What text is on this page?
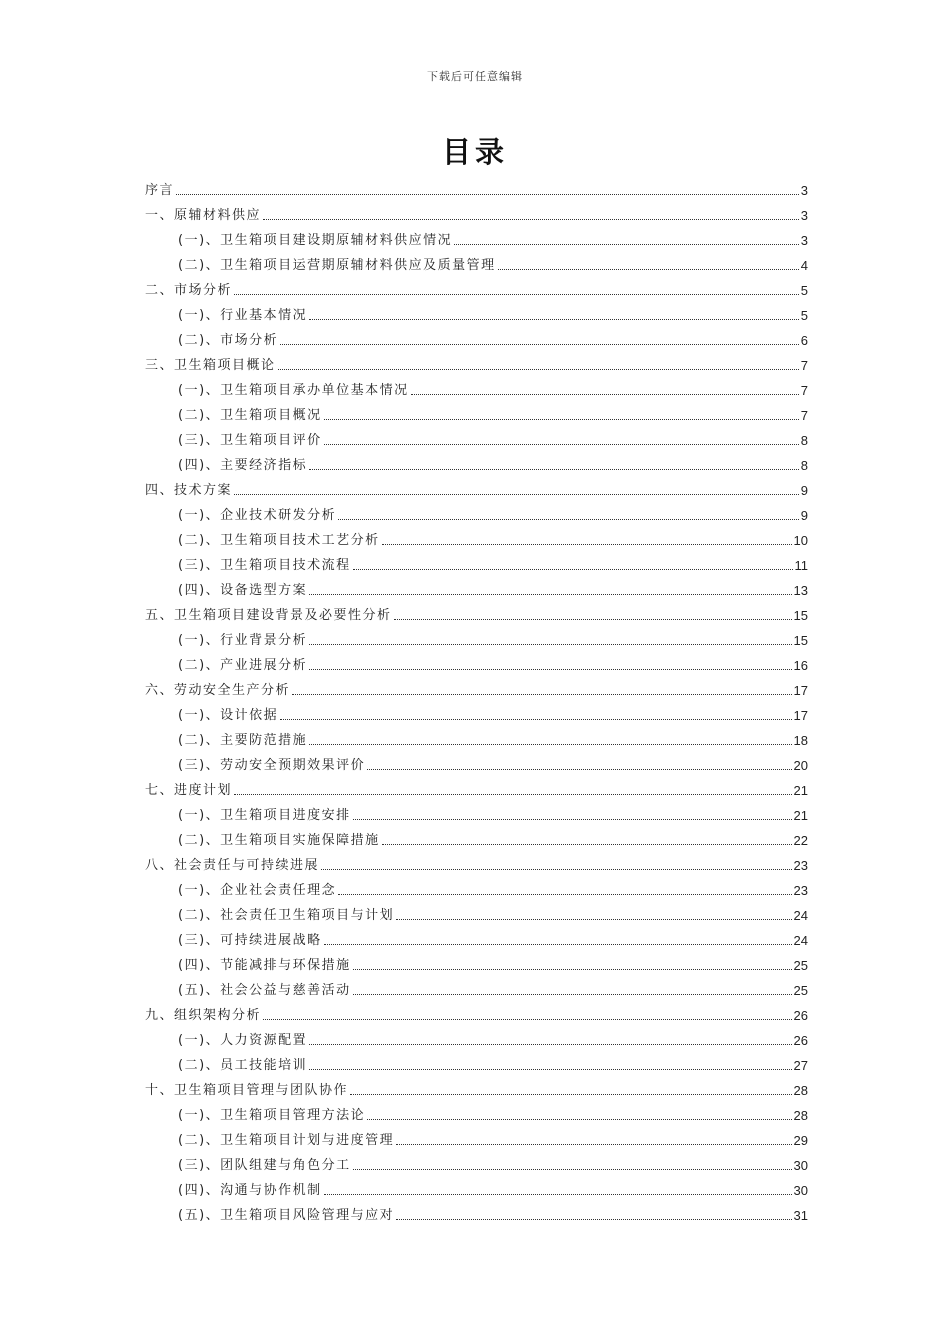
下载后可任意编辑
目录
序言	3
一、原辅材料供应	3
(一)、卫生箱项目建设期原辅材料供应情况	3
(二)、卫生箱项目运营期原辅材料供应及质量管理	4
二、市场分析	5
(一)、行业基本情况	5
(二)、市场分析	6
三、卫生箱项目概论	7
(一)、卫生箱项目承办单位基本情况	7
(二)、卫生箱项目概况	7
(三)、卫生箱项目评价	8
(四)、主要经济指标	8
四、技术方案	9
(一)、企业技术研发分析	9
(二)、卫生箱项目技术工艺分析	10
(三)、卫生箱项目技术流程	11
(四)、设备选型方案	13
五、卫生箱项目建设背景及必要性分析	15
(一)、行业背景分析	15
(二)、产业进展分析	16
六、劳动安全生产分析	17
(一)、设计依据	17
(二)、主要防范措施	18
(三)、劳动安全预期效果评价	20
七、进度计划	21
(一)、卫生箱项目进度安排	21
(二)、卫生箱项目实施保障措施	22
八、社会责任与可持续进展	23
(一)、企业社会责任理念	23
(二)、社会责任卫生箱项目与计划	24
(三)、可持续进展战略	24
(四)、节能减排与环保措施	25
(五)、社会公益与慈善活动	25
九、组织架构分析	26
(一)、人力资源配置	26
(二)、员工技能培训	27
十、卫生箱项目管理与团队协作	28
(一)、卫生箱项目管理方法论	28
(二)、卫生箱项目计划与进度管理	29
(三)、团队组建与角色分工	30
(四)、沟通与协作机制	30
(五)、卫生箱项目风险管理与应对	31
